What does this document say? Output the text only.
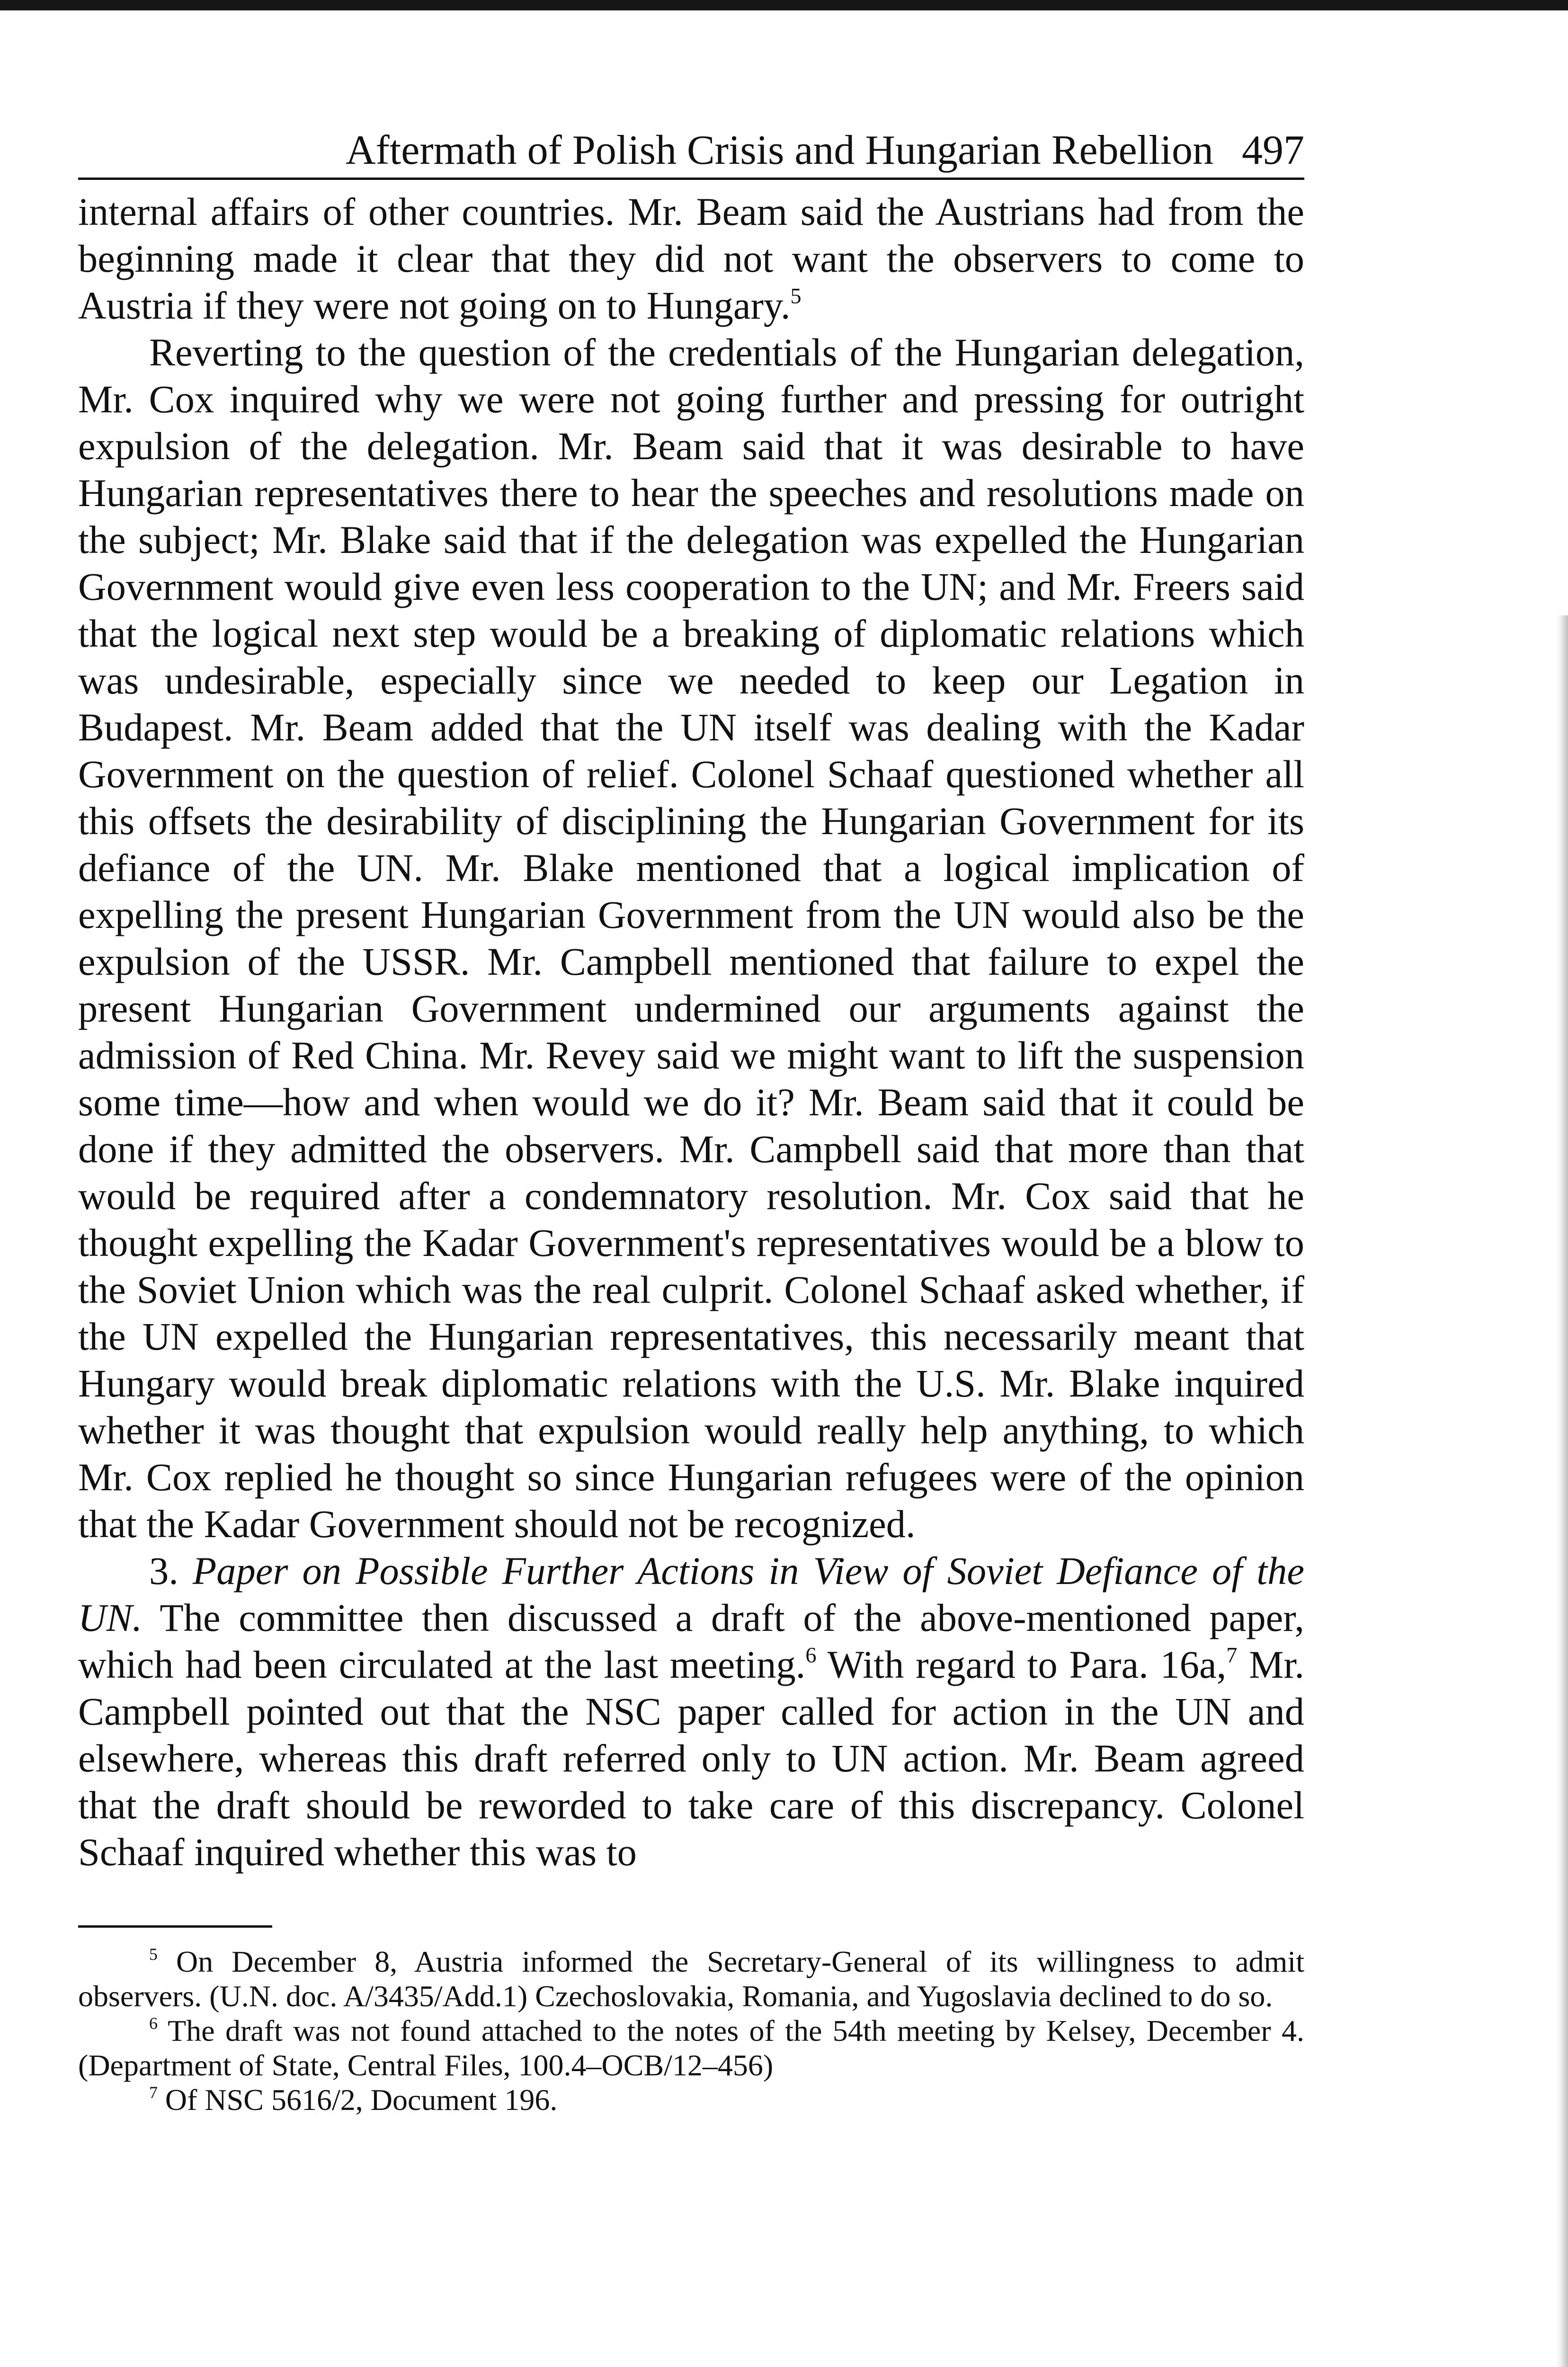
Aftermath of Polish Crisis and Hungarian Rebellion 497

internal affairs of other countries. Mr. Beam said the Austrians had from the beginning made it clear that they did not want the observers to come to Austria if they were not going on to Hungary.$^5$

Reverting to the question of the credentials of the Hungarian delegation, Mr. Cox inquired why we were not going further and pressing for outright expulsion of the delegation. Mr. Beam said that it was desirable to have Hungarian representatives there to hear the speeches and resolutions made on the subject; Mr. Blake said that if the delegation was expelled the Hungarian Government would give even less cooperation to the UN; and Mr. Freers said that the logical next step would be a breaking of diplomatic relations which was undesirable, especially since we needed to keep our Legation in Budapest. Mr. Beam added that the UN itself was dealing with the Kadar Government on the question of relief. Colonel Schaaf questioned whether all this offsets the desirability of disciplining the Hungarian Government for its defiance of the UN. Mr. Blake mentioned that a logical implication of expelling the present Hungarian Government from the UN would also be the expulsion of the USSR. Mr. Campbell mentioned that failure to expel the present Hungarian Government undermined our arguments against the admission of Red China. Mr. Revey said we might want to lift the suspension some time—how and when would we do it? Mr. Beam said that it could be done if they admitted the observers. Mr. Campbell said that more than that would be required after a condemnatory resolution. Mr. Cox said that he thought expelling the Kadar Government's representatives would be a blow to the Soviet Union which was the real culprit. Colonel Schaaf asked whether, if the UN expelled the Hungarian representatives, this necessarily meant that Hungary would break diplomatic relations with the U.S. Mr. Blake inquired whether it was thought that expulsion would really help anything, to which Mr. Cox replied he thought so since Hungarian refugees were of the opinion that the Kadar Government should not be recognized.

3. Paper on Possible Further Actions in View of Soviet Defiance of the UN. The committee then discussed a draft of the above-mentioned paper, which had been circulated at the last meeting.$^6$ With regard to Para. 16a,$^7$ Mr. Campbell pointed out that the NSC paper called for action in the UN and elsewhere, whereas this draft referred only to UN action. Mr. Beam agreed that the draft should be reworded to take care of this discrepancy. Colonel Schaaf inquired whether this was to

$^5$ On December 8, Austria informed the Secretary-General of its willingness to admit observers. (U.N. doc. A/3435/Add.1) Czechoslovakia, Romania, and Yugoslavia declined to do so.

$^6$ The draft was not found attached to the notes of the 54th meeting by Kelsey, December 4. (Department of State, Central Files, 100.4–OCB/12–456)

$^7$ Of NSC 5616/2, Document 196.
